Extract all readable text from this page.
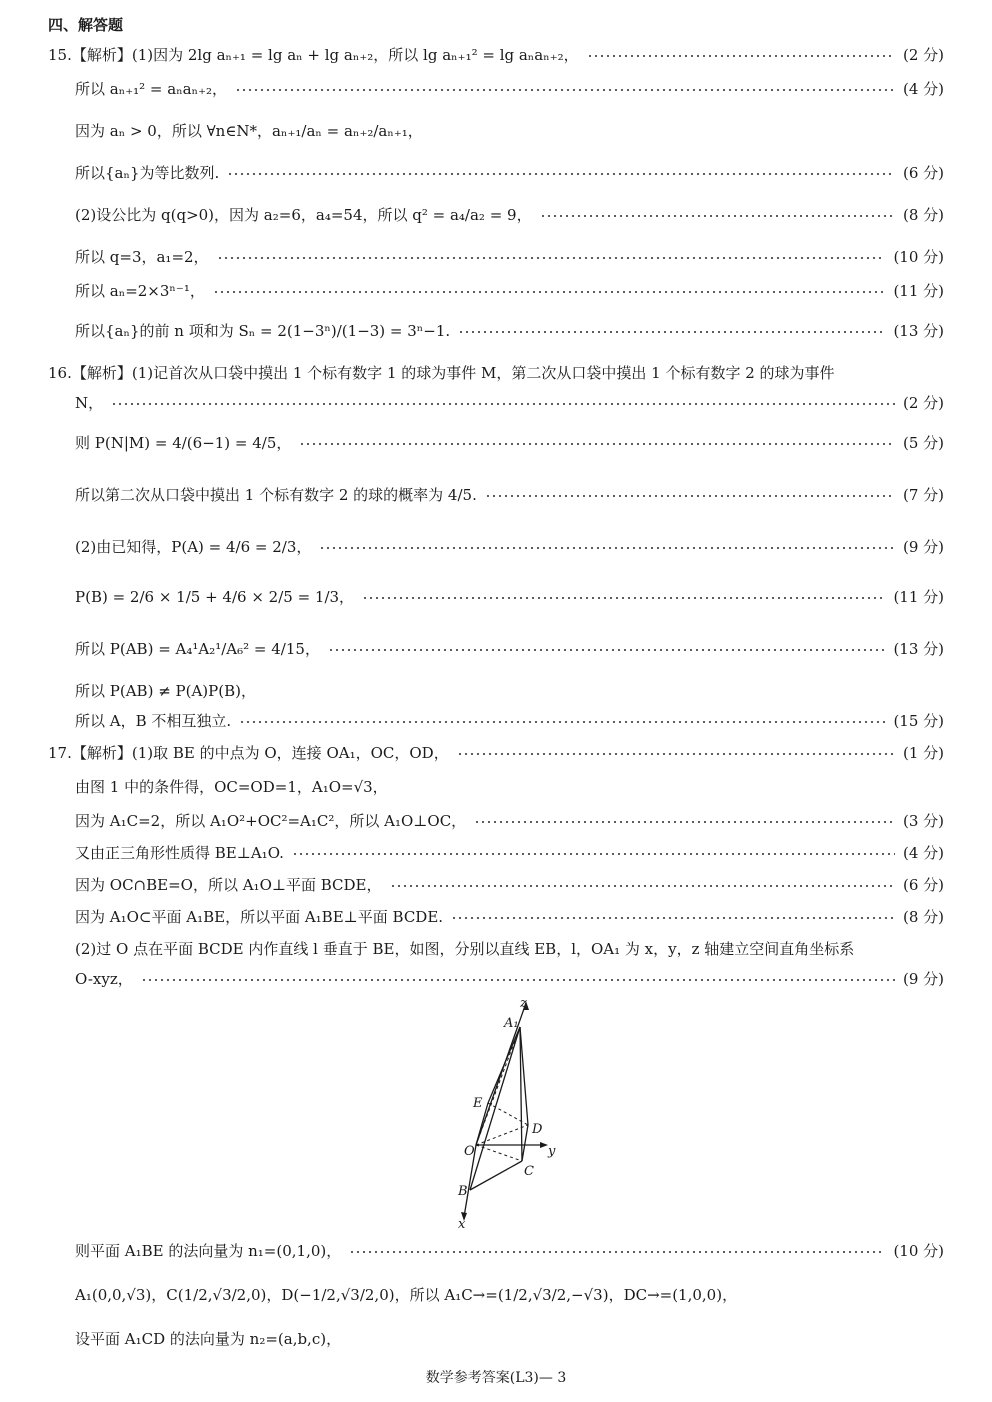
四、解答题
15.【解析】(1)因为 2lg aₙ₊₁ = lg aₙ + lg aₙ₊₂，所以 lg aₙ₊₁² = lg aₙaₙ₊₂，	(2 分)
所以 aₙ₊₁² = aₙaₙ₊₂，	(4 分)
因为 aₙ > 0，所以 ∀n∈N*，aₙ₊₁/aₙ = aₙ₊₂/aₙ₊₁，
所以{aₙ}为等比数列.	(6 分)
(2)设公比为 q(q>0)，因为 a₂=6，a₄=54，所以 q² = a₄/a₂ = 9，	(8 分)
所以 q=3，a₁=2，	(10 分)
所以 aₙ=2×3ⁿ⁻¹，	(11 分)
所以{aₙ}的前 n 项和为 Sₙ = 2(1−3ⁿ)/(1−3) = 3ⁿ−1.	(13 分)
16.【解析】(1)记首次从口袋中摸出 1 个标有数字 1 的球为事件 M，第二次从口袋中摸出 1 个标有数字 2 的球为事件
N，	(2 分)
则 P(N|M) = 4/(6−1) = 4/5，	(5 分)
所以第二次从口袋中摸出 1 个标有数字 2 的球的概率为 4/5.	(7 分)
(2)由已知得，P(A) = 4/6 = 2/3，	(9 分)
P(B) = 2/6 × 1/5 + 4/6 × 2/5 = 1/3，	(11 分)
所以 P(AB) = A₄¹A₂¹/A₆² = 4/15，	(13 分)
所以 P(AB) ≠ P(A)P(B)，
所以 A，B 不相互独立.	(15 分)
17.【解析】(1)取 BE 的中点为 O，连接 OA₁，OC，OD，	(1 分)
由图 1 中的条件得，OC=OD=1，A₁O=√3，
因为 A₁C=2，所以 A₁O²+OC²=A₁C²，所以 A₁O⊥OC，	(3 分)
又由正三角形性质得 BE⊥A₁O.	(4 分)
因为 OC∩BE=O，所以 A₁O⊥平面 BCDE，	(6 分)
因为 A₁O⊂平面 A₁BE，所以平面 A₁BE⊥平面 BCDE.	(8 分)
(2)过 O 点在平面 BCDE 内作直线 l 垂直于 BE，如图，分别以直线 EB，l，OA₁ 为 x，y，z 轴建立空间直角坐标系
O-xyz，	(9 分)
则平面 A₁BE 的法向量为 n₁=(0,1,0)，	(10 分)
A₁(0,0,√3)，C(1/2,√3/2,0)，D(−1/2,√3/2,0)，所以 A₁C→=(1/2,√3/2,−√3)，DC→=(1,0,0)，
设平面 A₁CD 的法向量为 n₂=(a,b,c)，
z
A₁
E
D
O	y
C
B
x
数学参考答案(L3)— 3
